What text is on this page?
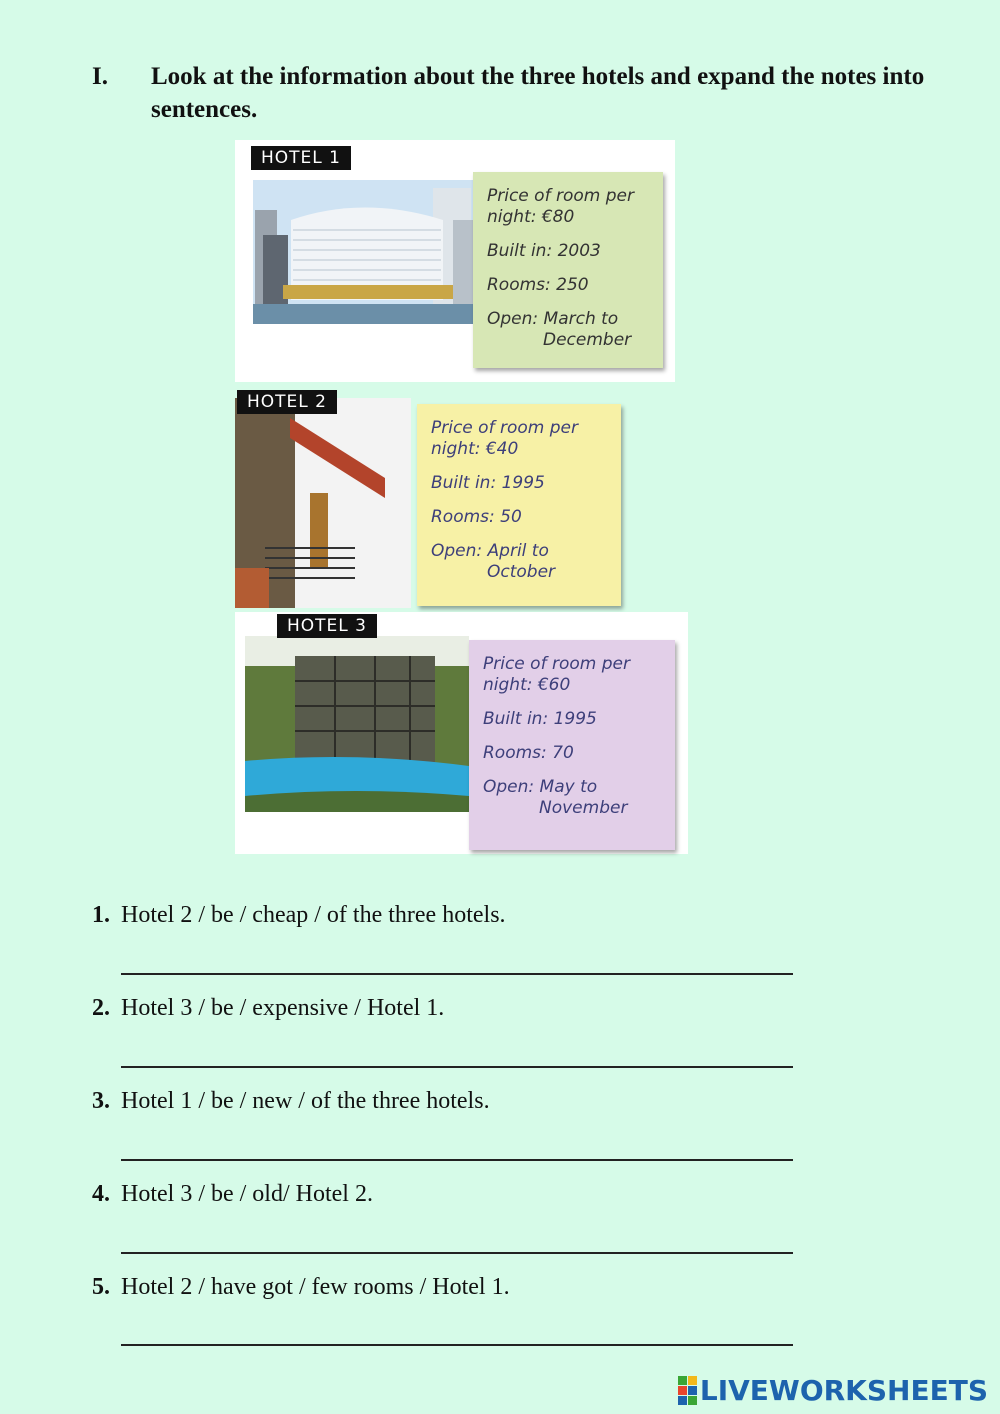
I. Look at the information about the three hotels and expand the notes into sentences.
HOTEL 1

Price of room per night: €80

Built in: 2003

Rooms: 250

Open: March to
December

HOTEL 2

Price of room per night: €40

Built in: 1995

Rooms: 50

Open: April to
October

HOTEL 3

Price of room per night: €60

Built in: 1995

Rooms: 70

Open: May to
November

1. Hotel 2 / be / cheap / of the three hotels.
2. Hotel 3 / be / expensive / Hotel 1.
3. Hotel 1 / be / new / of the three hotels.
4. Hotel 3 / be / old/ Hotel 2.
5. Hotel 2 / have got / few rooms / Hotel 1.
LIVEWORKSHEETS
